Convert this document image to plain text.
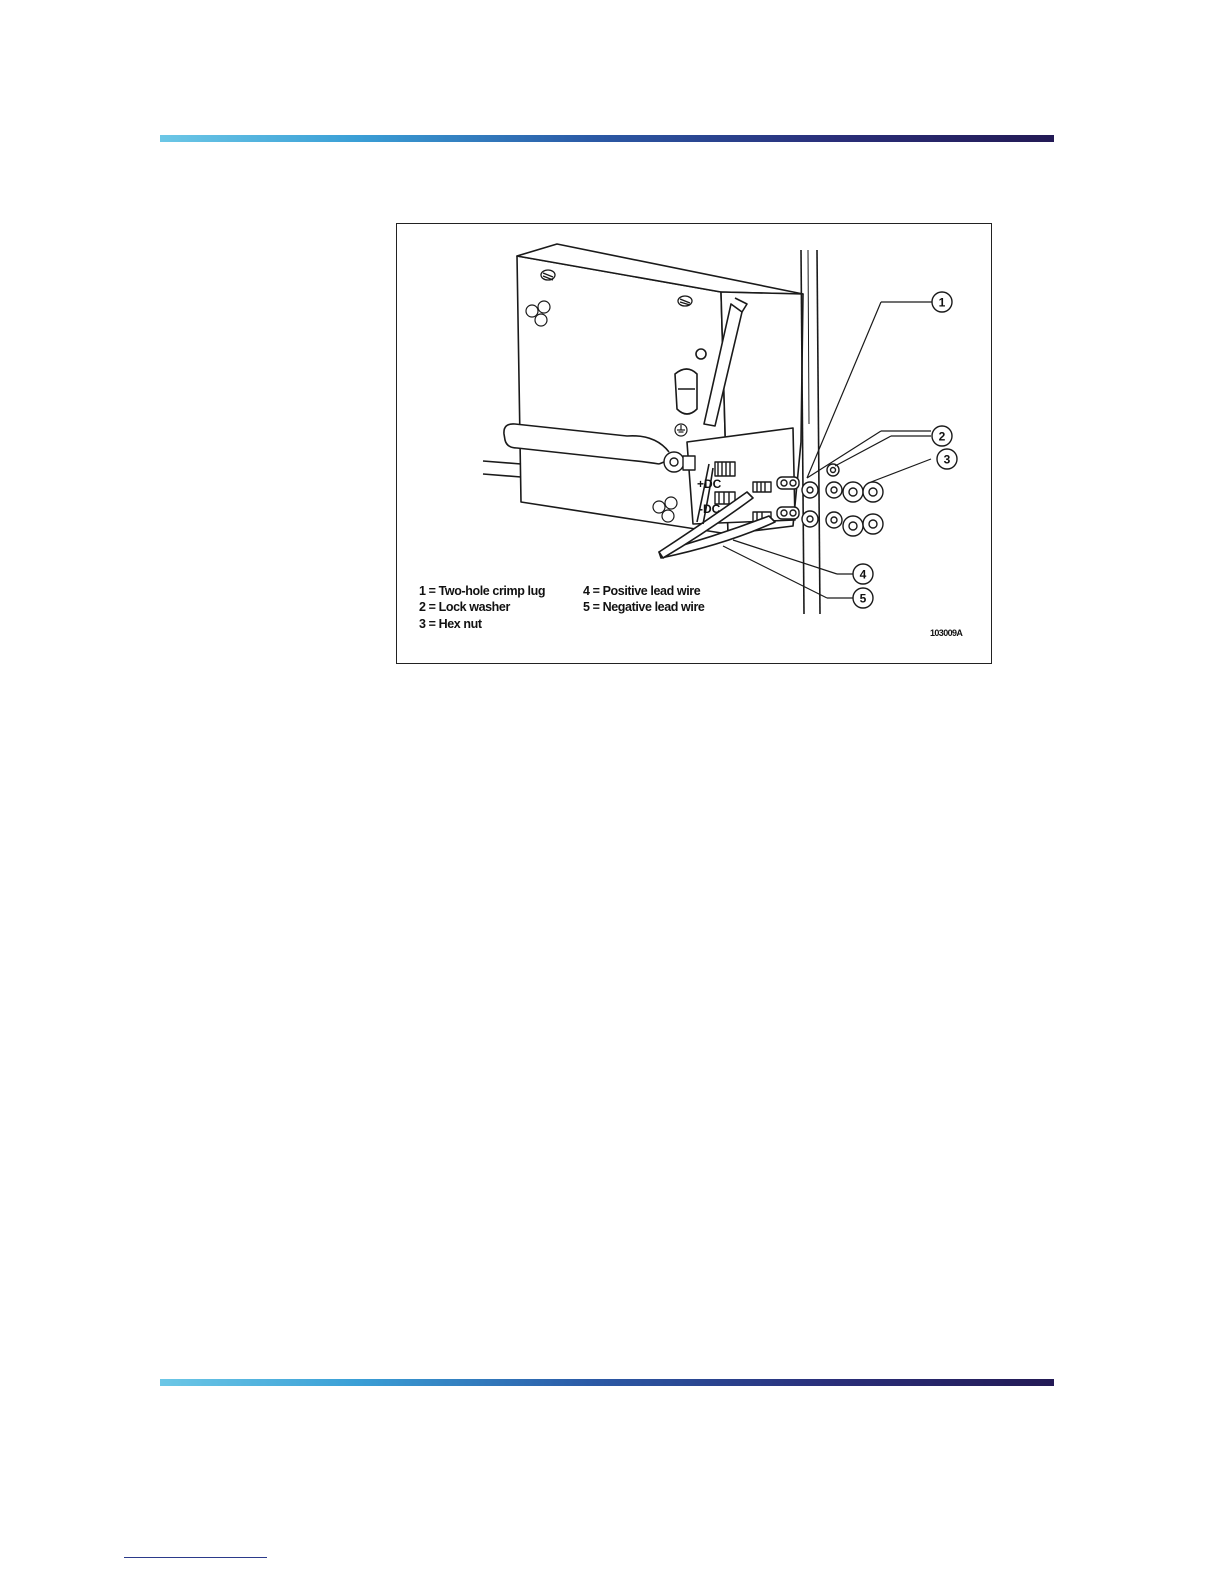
1
2
3
4
5
+DC
-DC
1 = Two-hole crimp lug
2 = Lock washer
3 = Hex nut
4 = Positive lead wire
5 = Negative lead wire
103009A
